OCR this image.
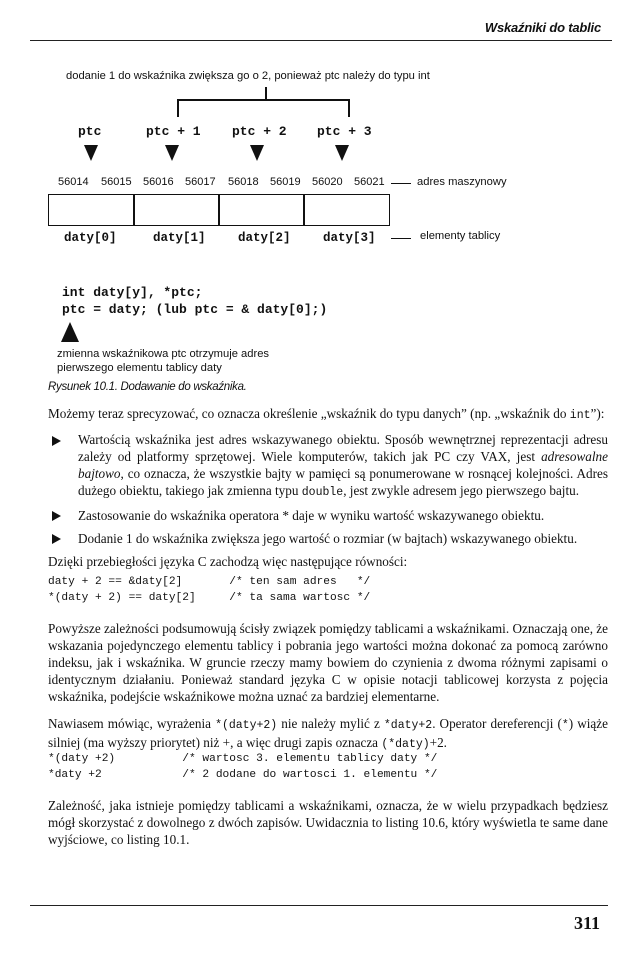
Wskaźniki do tablic
dodanie 1 do wskaźnika zwiększa go o 2, ponieważ ptc należy do typu int
ptc	ptc + 1 ptc + 2 ptc + 3
56014 56015 56016 56017 56018 56019 56020 56021	adres maszynowy
daty[0]	daty[1]	daty[2]	daty[3]	elementy tablicy
int daty[y], *ptc;
ptc = daty; (lub ptc = & daty[0];)
zmienna wskaźnikowa ptc otrzymuje adres
pierwszego elementu tablicy daty
Rysunek 10.1. Dodawanie do wskaźnika.
Możemy teraz sprecyzować, co oznacza określenie „wskaźnik do typu danych” (np. „wskaźnik do int”):
Wartością wskaźnika jest adres wskazywanego obiektu. Sposób wewnętrznej reprezentacji adresu zależy od platformy sprzętowej. Wiele komputerów, takich jak PC czy VAX, jest adresowalne bajtowo, co oznacza, że wszystkie bajty w pamięci są ponumerowane w rosnącej kolejności. Adres dużego obiektu, takiego jak zmienna typu double, jest zwykle adresem jego pierwszego bajtu.
Zastosowanie do wskaźnika operatora * daje w wyniku wartość wskazywanego obiektu.
Dodanie 1 do wskaźnika zwiększa jego wartość o rozmiar (w bajtach) wskazywanego obiektu.
Dzięki przebiegłości języka C zachodzą więc następujące równości:
daty + 2 == &daty[2]       /* ten sam adres   */
*(daty + 2) == daty[2]     /* ta sama wartosc */
Powyższe zależności podsumowują ścisły związek pomiędzy tablicami a wskaźnikami. Oznaczają one, że wskazania pojedynczego elementu tablicy i pobrania jego wartości można dokonać za pomocą zarówno indeksu, jak i wskaźnika. W gruncie rzeczy mamy bowiem do czynienia z dwoma różnymi zapisami o identycznym działaniu. Ponieważ standard języka C w opisie notacji tablicowej korzysta z pojęcia wskaźnika, podejście wskaźnikowe można uznać za bardziej elementarne.
Nawiasem mówiąc, wyrażenia *(daty+2) nie należy mylić z *daty+2. Operator dereferencji (*) wiąże silniej (ma wyższy priorytet) niż +, a więc drugi zapis oznacza (*daty)+2.
*(daty +2)          /* wartosc 3. elementu tablicy daty */
*daty +2            /* 2 dodane do wartosci 1. elementu */
Zależność, jaka istnieje pomiędzy tablicami a wskaźnikami, oznacza, że w wielu przypadkach będziesz mógł skorzystać z dowolnego z dwóch zapisów. Uwidacznia to listing 10.6, który wyświetla te same dane wyjściowe, co listing 10.1.
311
